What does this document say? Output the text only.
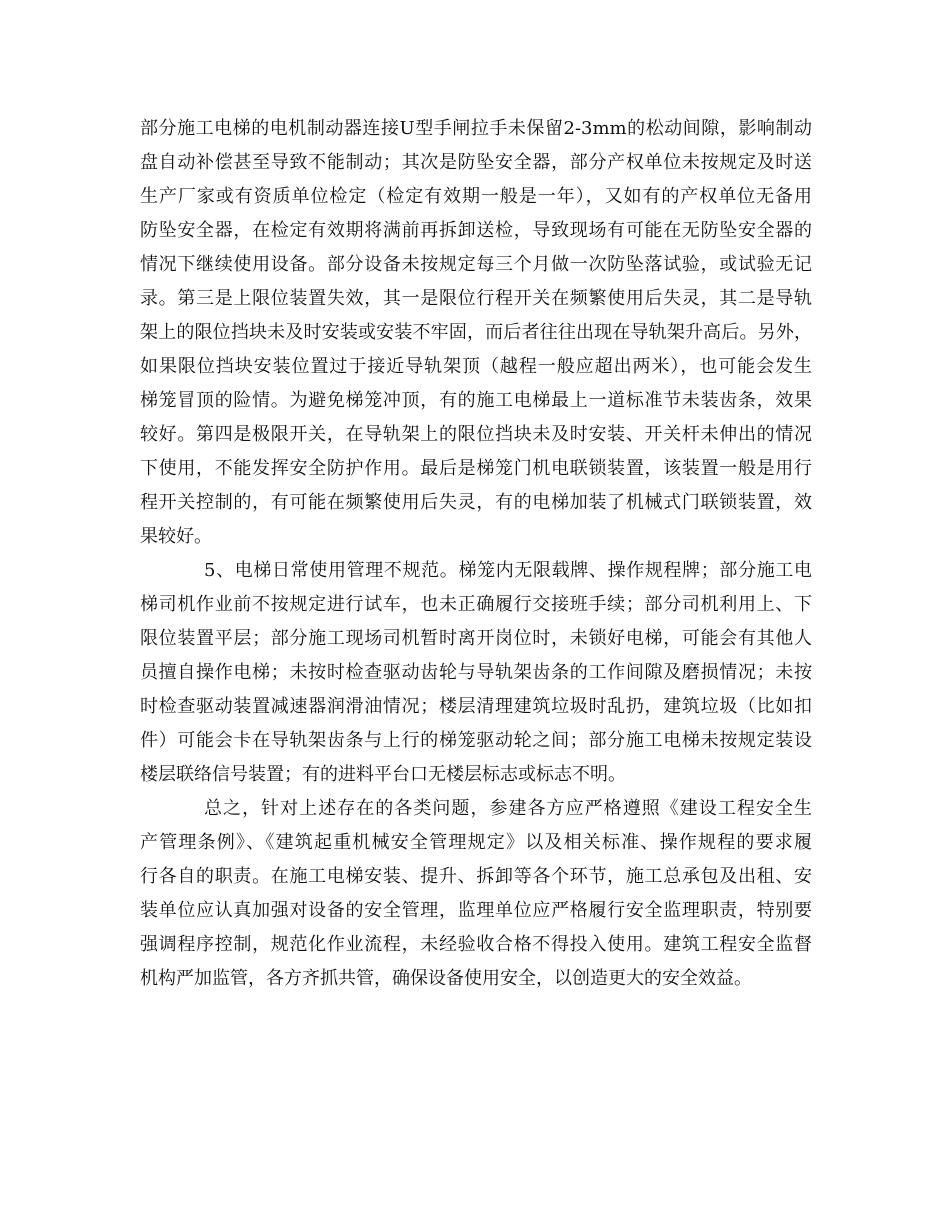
部分施工电梯的电机制动器连接U型手闸拉手未保留2-3mm的松动间隙，影响制动
盘自动补偿甚至导致不能制动；其次是防坠安全器，部分产权单位未按规定及时送
生产厂家或有资质单位检定（检定有效期一般是一年），又如有的产权单位无备用
防坠安全器，在检定有效期将满前再拆卸送检，导致现场有可能在无防坠安全器的
情况下继续使用设备。部分设备未按规定每三个月做一次防坠落试验，或试验无记
录。第三是上限位装置失效，其一是限位行程开关在频繁使用后失灵，其二是导轨
架上的限位挡块未及时安装或安装不牢固，而后者往往出现在导轨架升高后。另外，
如果限位挡块安装位置过于接近导轨架顶（越程一般应超出两米），也可能会发生
梯笼冒顶的险情。为避免梯笼冲顶，有的施工电梯最上一道标准节未装齿条，效果
较好。第四是极限开关，在导轨架上的限位挡块未及时安装、开关杆未伸出的情况
下使用，不能发挥安全防护作用。最后是梯笼门机电联锁装置，该装置一般是用行
程开关控制的，有可能在频繁使用后失灵，有的电梯加装了机械式门联锁装置，效
果较好。
5、电梯日常使用管理不规范。梯笼内无限载牌、操作规程牌；部分施工电
梯司机作业前不按规定进行试车，也未正确履行交接班手续；部分司机利用上、下
限位装置平层；部分施工现场司机暂时离开岗位时，未锁好电梯，可能会有其他人
员擅自操作电梯；未按时检查驱动齿轮与导轨架齿条的工作间隙及磨损情况；未按
时检查驱动装置减速器润滑油情况；楼层清理建筑垃圾时乱扔，建筑垃圾（比如扣
件）可能会卡在导轨架齿条与上行的梯笼驱动轮之间；部分施工电梯未按规定装设
楼层联络信号装置；有的进料平台口无楼层标志或标志不明。
总之，针对上述存在的各类问题，参建各方应严格遵照《建设工程安全生
产管理条例》、《建筑起重机械安全管理规定》以及相关标准、操作规程的要求履
行各自的职责。在施工电梯安装、提升、拆卸等各个环节，施工总承包及出租、安
装单位应认真加强对设备的安全管理，监理单位应严格履行安全监理职责，特别要
强调程序控制，规范化作业流程，未经验收合格不得投入使用。建筑工程安全监督
机构严加监管，各方齐抓共管，确保设备使用安全，以创造更大的安全效益。
